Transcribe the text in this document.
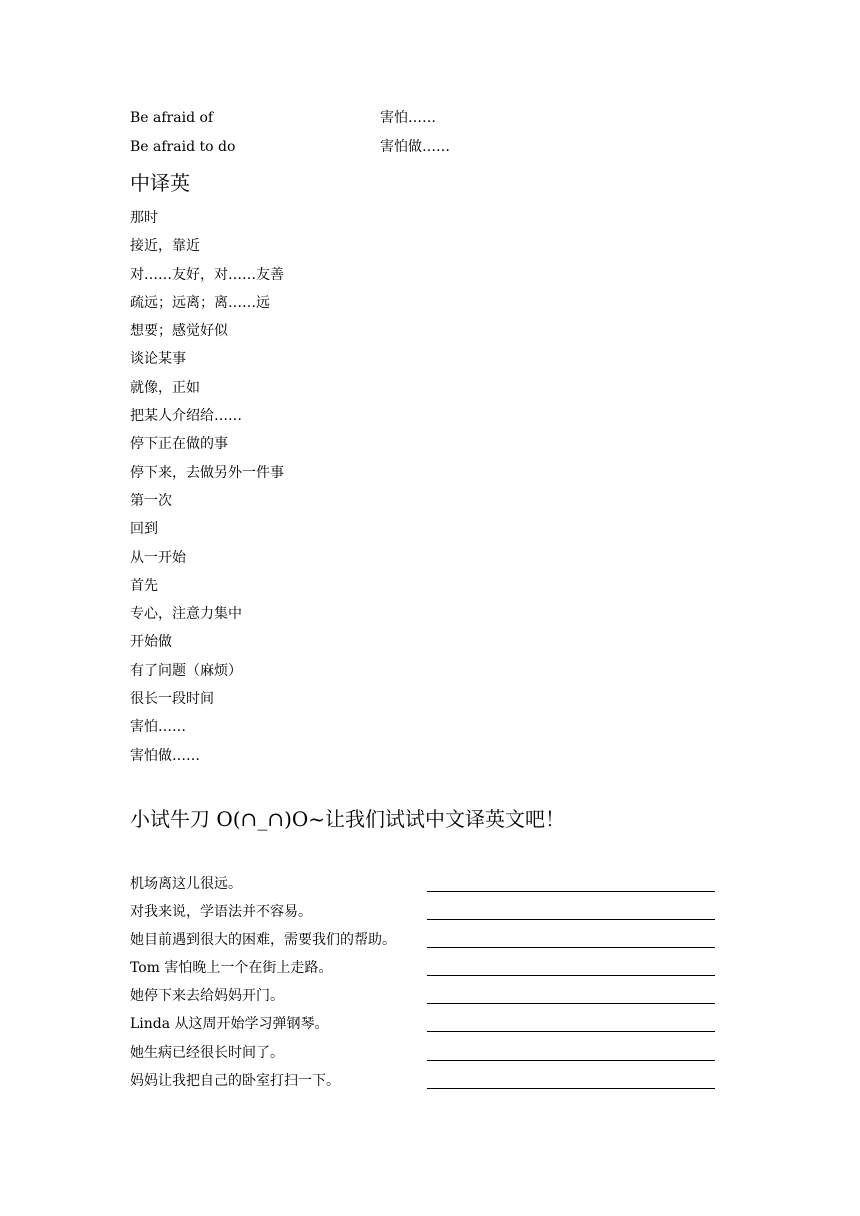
Be afraid of	害怕……
Be afraid to do	害怕做……
中译英
那时
接近，靠近
对……友好，对……友善
疏远；远离；离……远
想要；感觉好似
谈论某事
就像，正如
把某人介绍给……
停下正在做的事
停下来，去做另外一件事
第一次
回到
从一开始
首先
专心，注意力集中
开始做
有了问题（麻烦）
很长一段时间
害怕……
害怕做……
小试牛刀 O(∩_∩)O~让我们试试中文译英文吧！
机场离这儿很远。
对我来说，学语法并不容易。
她目前遇到很大的困难，需要我们的帮助。
Tom 害怕晚上一个在街上走路。
她停下来去给妈妈开门。
Linda 从这周开始学习弹钢琴。
她生病已经很长时间了。
妈妈让我把自己的卧室打扫一下。
